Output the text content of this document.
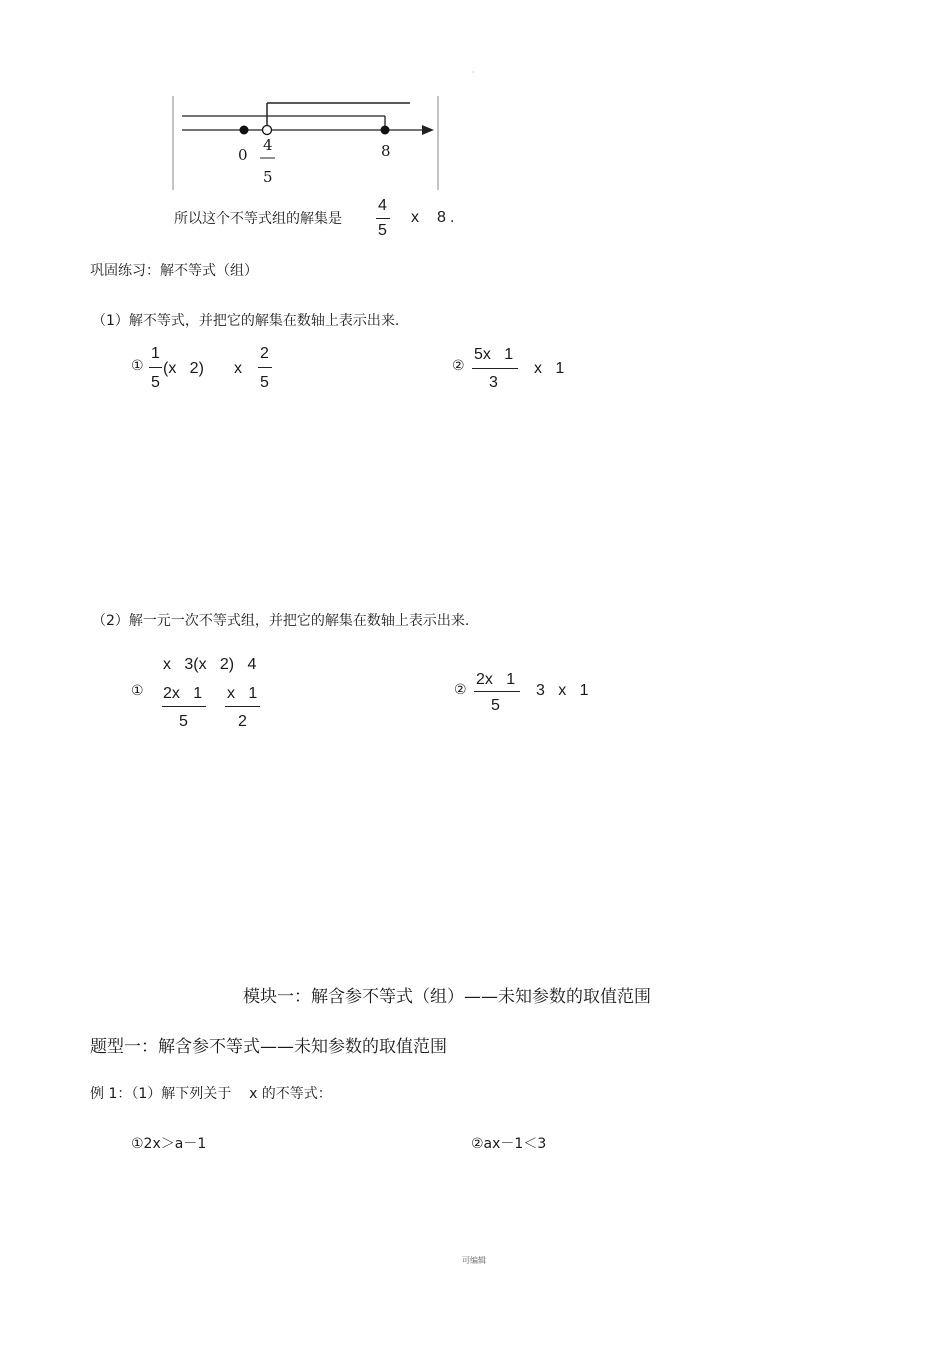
·
0
4
5
8
所以这个不等式组的解集是
4
5
x 8 .
巩固练习：解不等式（组）
（1）解不等式，并把它的解集在数轴上表示出来.
①
1
5
(x   2) x
2
5
②
5x   1
3
x   1
（2）解一元一次不等式组，并把它的解集在数轴上表示出来.
①
x   3(x   2)   4
2x   1
5
x   1
2
②
2x   1
5
3   x   1
模块一：解含参不等式（组）——未知参数的取值范围
题型一：解含参不等式——未知参数的取值范围
例 1：（1）解下列关于    x 的不等式：
①2x＞a－1	②ax－1＜3
可编辑
